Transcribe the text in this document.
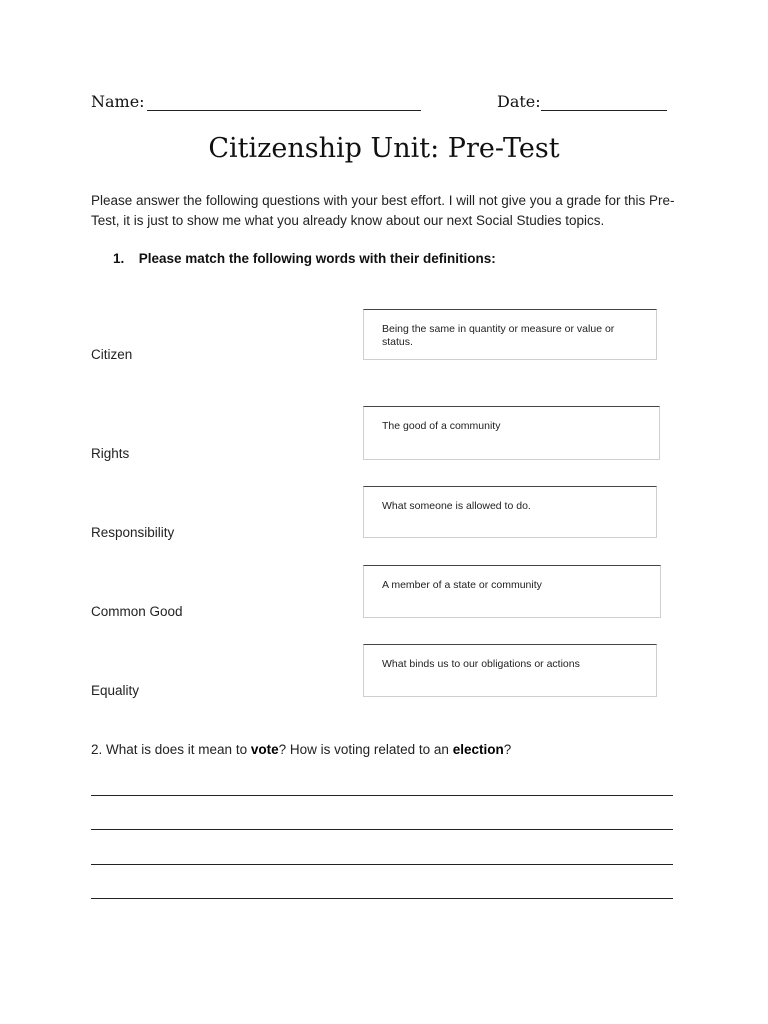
Name:	Date:
Citizenship Unit: Pre-Test
Please answer the following questions with your best effort. I will not give you a grade for this Pre-Test, it is just to show me what you already know about our next Social Studies topics.
1. Please match the following words with their definitions:
Citizen
Rights
Responsibility
Common Good
Equality
Being the same in quantity or measure or value or status.
The good of a community
What someone is allowed to do.
A member of a state or community
What binds us to our obligations or actions
2. What is does it mean to vote? How is voting related to an election?
